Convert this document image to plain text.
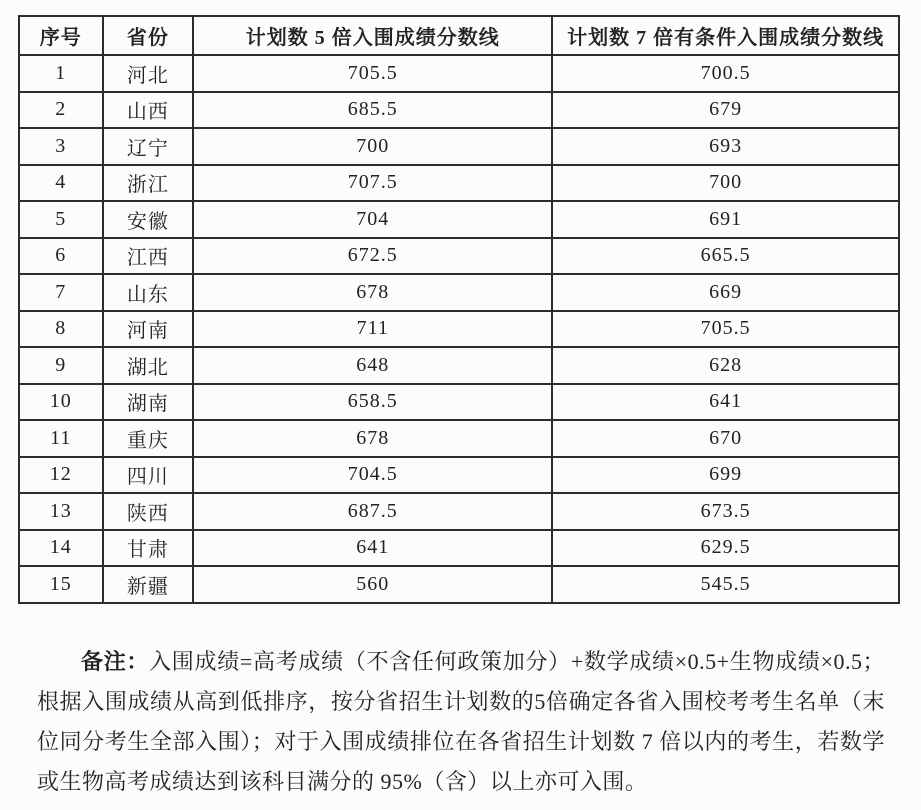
序号	省份	计划数 5 倍入围成绩分数线	计划数 7 倍有条件入围成绩分数线
1	河北	705.5	700.5
2	山西	685.5	679
3	辽宁	700	693
4	浙江	707.5	700
5	安徽	704	691
6	江西	672.5	665.5
7	山东	678	669
8	河南	711	705.5
9	湖北	648	628
10	湖南	658.5	641
11	重庆	678	670
12	四川	704.5	699
13	陕西	687.5	673.5
14	甘肃	641	629.5
15	新疆	560	545.5

备注：入围成绩=高考成绩（不含任何政策加分）+数学成绩×0.5+生物成绩×0.5；根据入围成绩从高到低排序，按分省招生计划数的5倍确定各省入围校考考生名单（末位同分考生全部入围）；对于入围成绩排位在各省招生计划数 7 倍以内的考生，若数学或生物高考成绩达到该科目满分的 95%（含）以上亦可入围。
